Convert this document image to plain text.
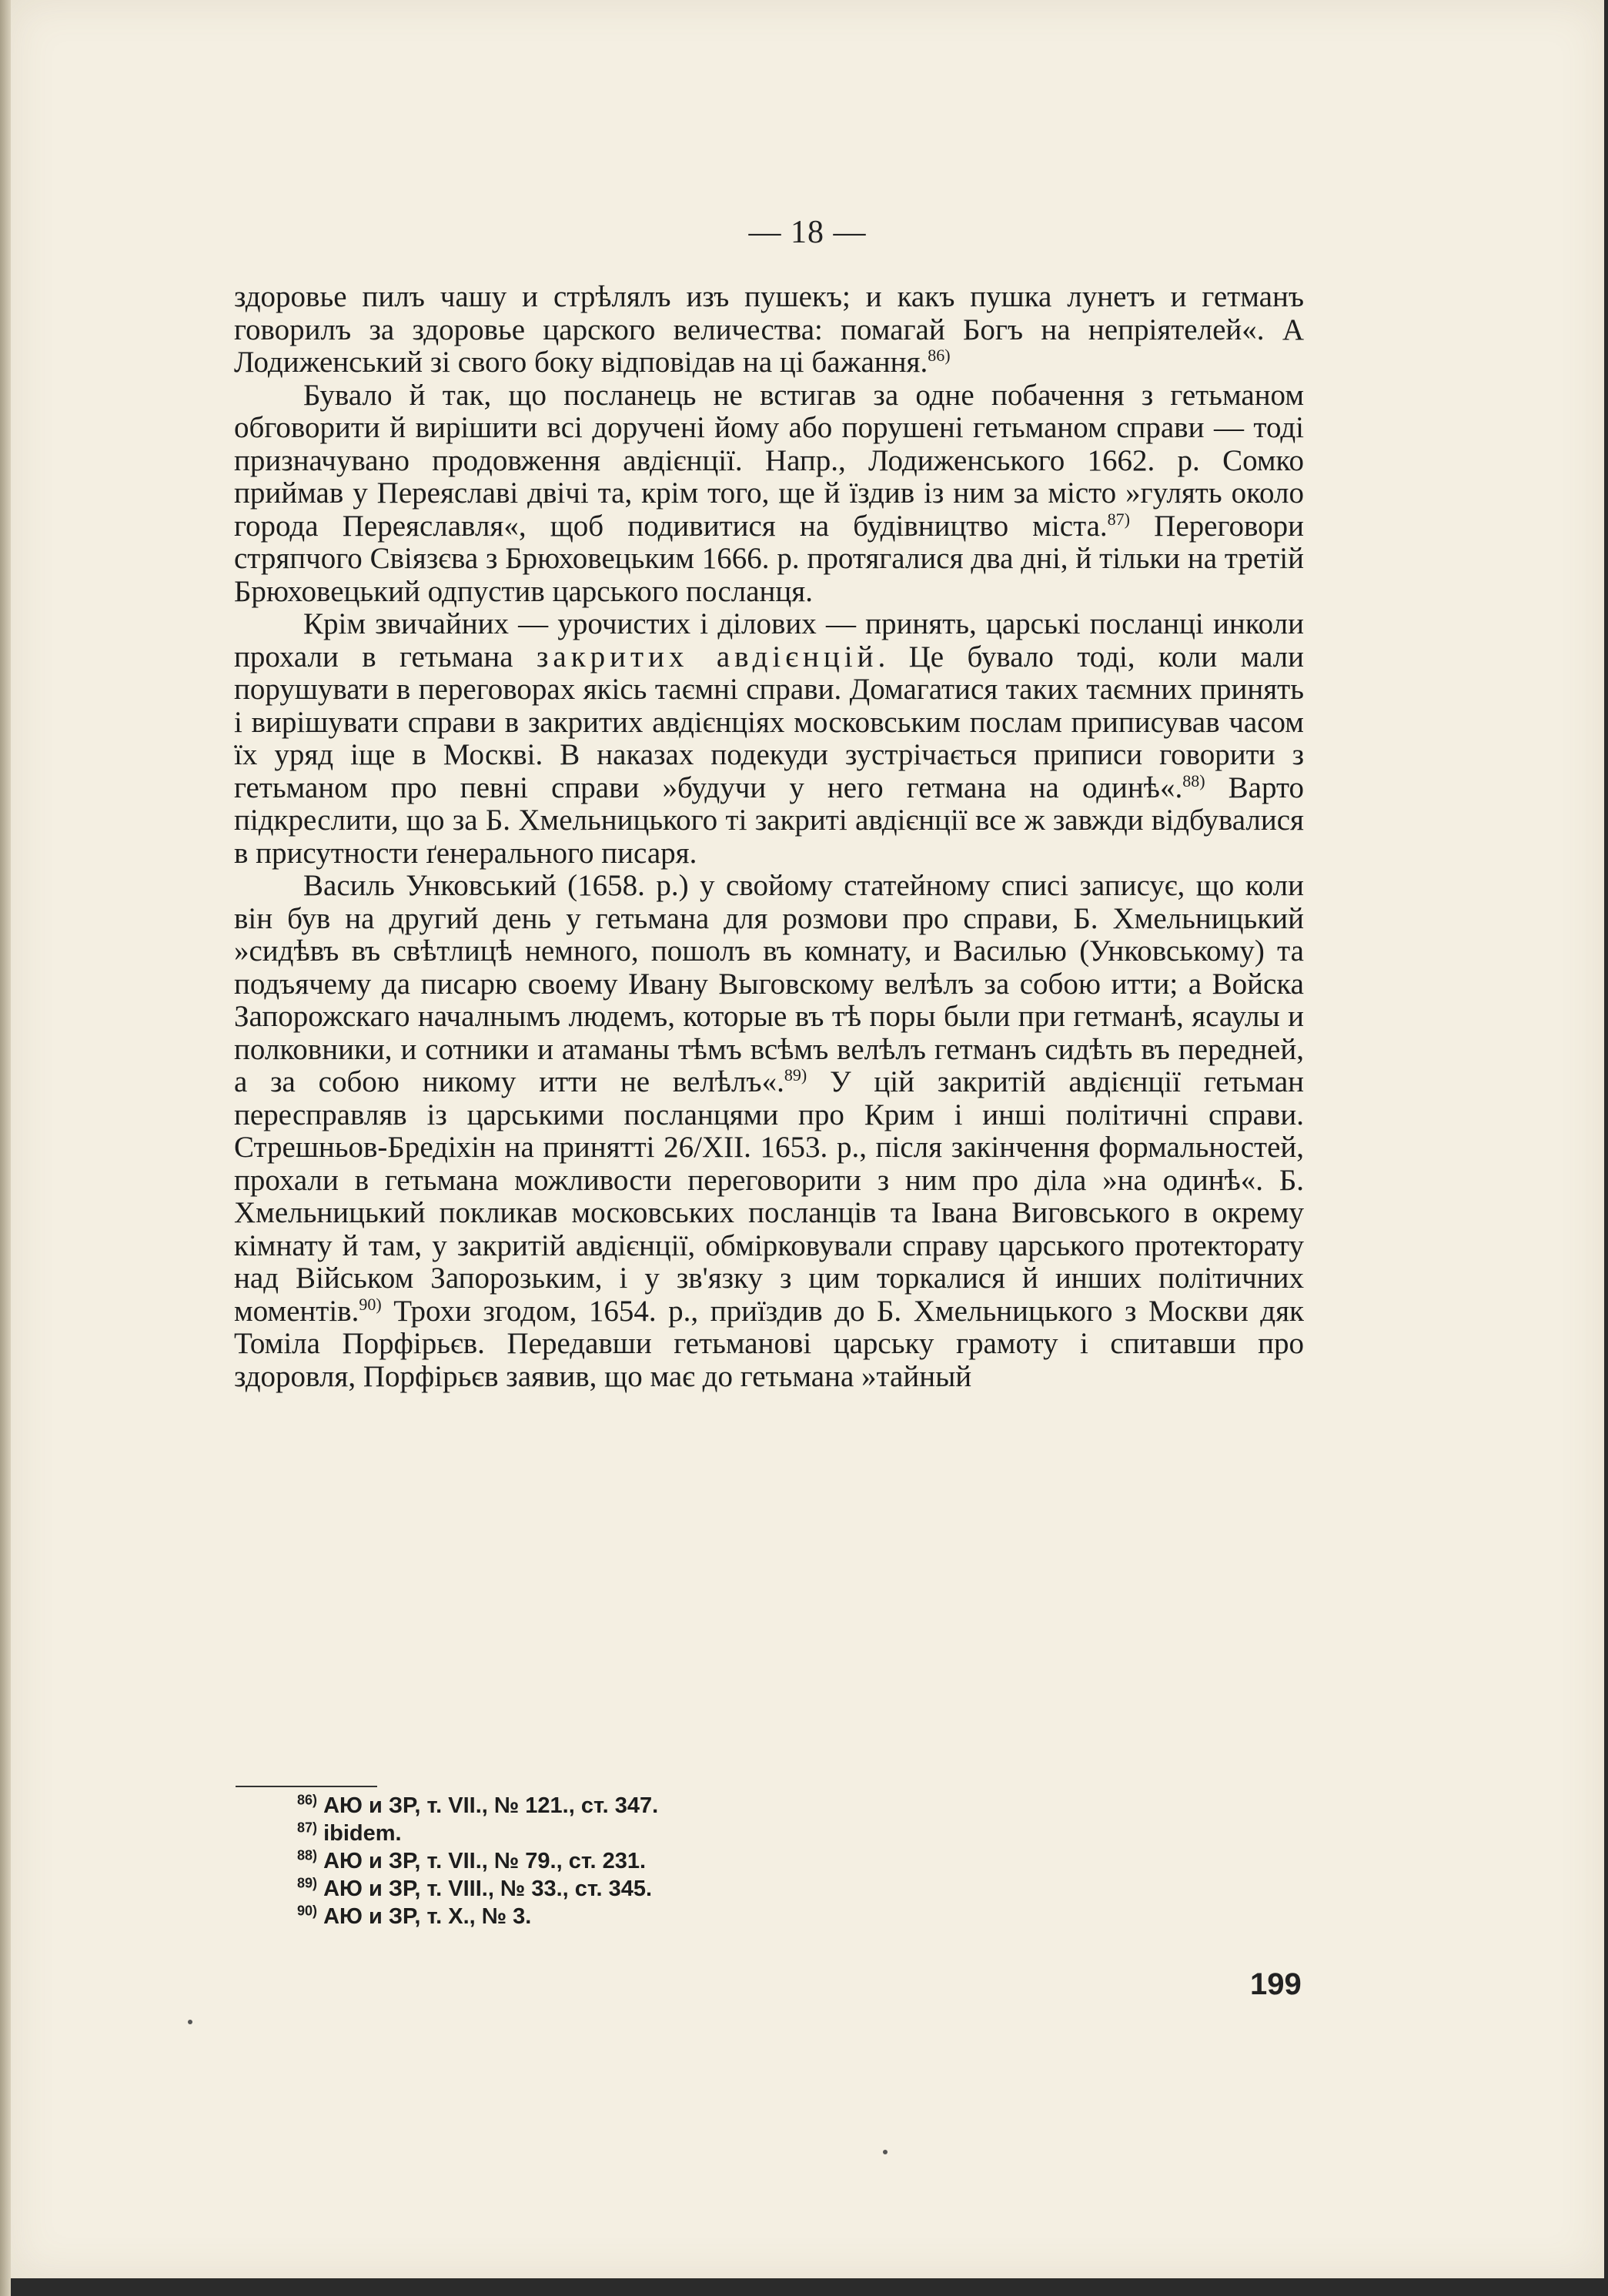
— 18 —

здоровье пилъ чашу и стрѣлялъ изъ пушекъ; и какъ пушка лунетъ и гетманъ говорилъ за здоровье царского величества: помагай Богъ на непріятелей«. А Лодиженський зі свого боку відповідав на ці бажання.$^{86)}$

Бувало й так, що посланець не встигав за одне побачення з гетьманом обговорити й вирішити всі доручені йому або порушені гетьманом справи — тоді призначувано продовження авдієнції. Напр., Лодиженського 1662. р. Сомко приймав у Переяславі двічі та, крім того, ще й їздив із ним за місто »гулять около города Переяславля«, щоб подивитися на будівництво міста.$^{87)}$ Переговори стряпчого Свіязєва з Брюховецьким 1666. р. протягалися два дні, й тільки на третій Брюховецький одпустив царського посланця.

Крім звичайних — урочистих і ділових — принять, царські посланці инколи прохали в гетьмана закритих авдієнцій. Це бувало тоді, коли мали порушувати в переговорах якісь таємні справи. Домагатися таких таємних принять і вирішувати справи в закритих авдієнціях московським послам приписував часом їх уряд іще в Москві. В наказах подекуди зустрічається приписи говорити з гетьманом про певні справи »будучи у него гетмана на одинѣ«.$^{88)}$ Варто підкреслити, що за Б. Хмельницького ті закриті авдієнції все ж завжди відбувалися в присутности ґенерального писаря.

Василь Унковський (1658. р.) у свойому статейному списі записує, що коли він був на другий день у гетьмана для розмови про справи, Б. Хмельницький »сидѣвъ въ свѣтлицѣ немного, пошолъ въ комнату, и Василью (Унковському) та подъячему да писарю своему Ивану Выговскому велѣлъ за собою итти; а Войска Запорожскаго началнымъ людемъ, которые въ тѣ поры были при гетманѣ, ясаулы и полковники, и сотники и атаманы тѣмъ всѣмъ велѣлъ гетманъ сидѣть въ передней, а за собою никому итти не велѣлъ«.$^{89)}$ У цій закритій авдієнції гетьман пересправляв із царськими посланцями про Крим і инші політичні справи. Стрешньов-Бредіхін на принятті 26/XII. 1653. р., після закінчення формальностей, прохали в гетьмана можливости переговорити з ним про діла »на одинѣ«. Б. Хмельницький покликав московських посланців та Івана Виговського в окрему кімнату й там, у закритій авдієнції, обмірковували справу царського протекторату над Військом Запорозьким, і у зв'язку з цим торкалися й инших політичних моментів.$^{90)}$ Трохи згодом, 1654. р., приїздив до Б. Хмельницького з Москви дяк Томіла Порфірьєв. Передавши гетьманові царську грамоту і спитавши про здоровля, Порфірьєв заявив, що має до гетьмана »тайный

$^{86)}$ АЮ и ЗР, т. VII., № 121., ст. 347.
$^{87)}$ ibidem.
$^{88)}$ АЮ и ЗР, т. VII., № 79., ст. 231.
$^{89)}$ АЮ и ЗР, т. VIII., № 33., ст. 345.
$^{90)}$ АЮ и ЗР, т. X., № 3.
199
